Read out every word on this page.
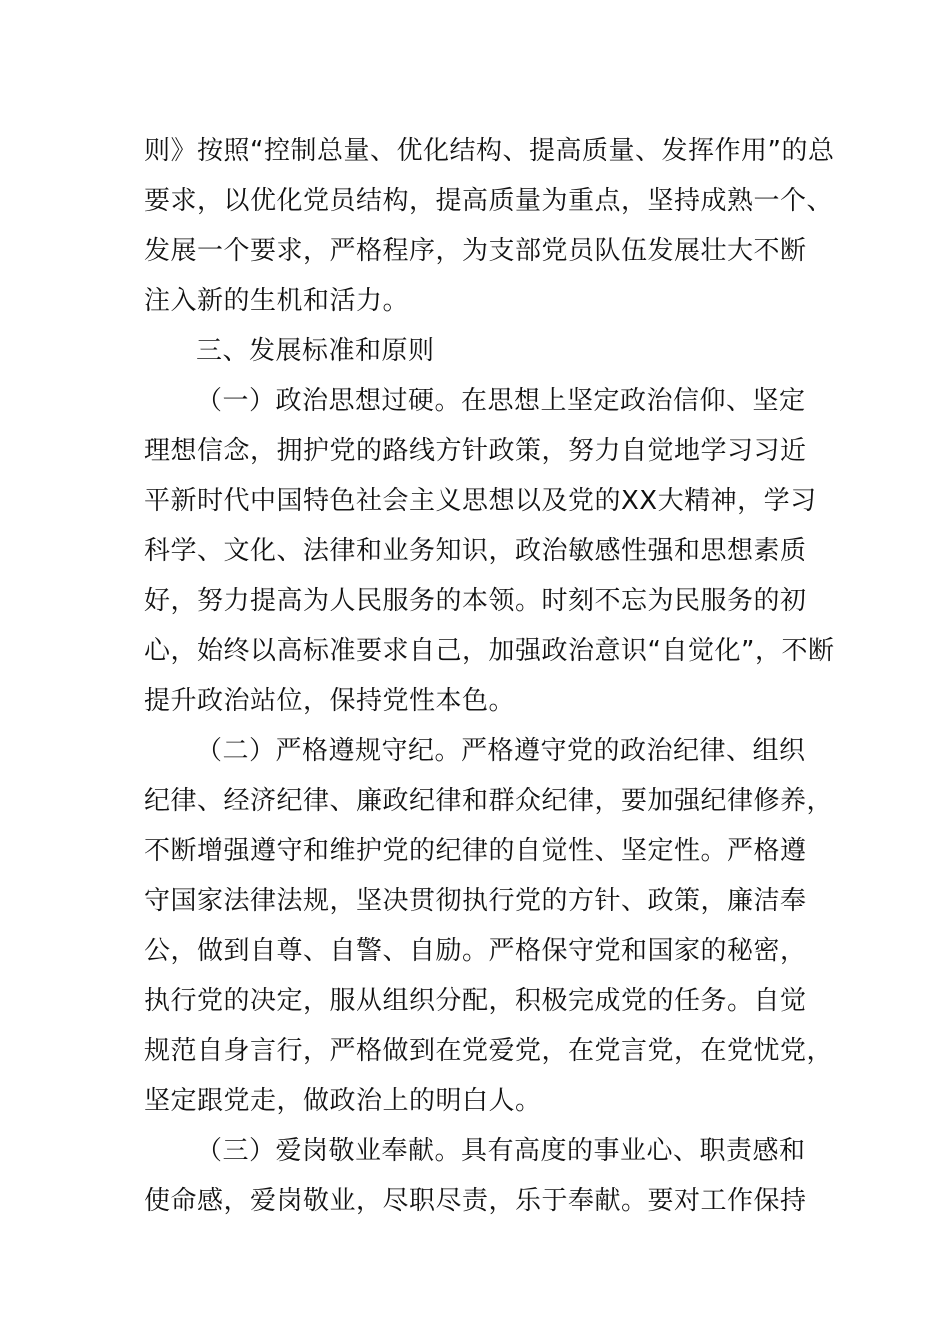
则》按照“控制总量、优化结构、提高质量、发挥作用”的总
要求，以优化党员结构，提高质量为重点，坚持成熟一个、
发展一个要求，严格程序，为支部党员队伍发展壮大不断
注入新的生机和活力。
三、发展标准和原则
（一）政治思想过硬。在思想上坚定政治信仰、坚定
理想信念，拥护党的路线方针政策，努力自觉地学习习近
平新时代中国特色社会主义思想以及党的XX大精神，学习
科学、文化、法律和业务知识，政治敏感性强和思想素质
好，努力提高为人民服务的本领。时刻不忘为民服务的初
心，始终以高标准要求自己，加强政治意识“自觉化”，不断
提升政治站位，保持党性本色。
（二）严格遵规守纪。严格遵守党的政治纪律、组织
纪律、经济纪律、廉政纪律和群众纪律，要加强纪律修养，
不断增强遵守和维护党的纪律的自觉性、坚定性。严格遵
守国家法律法规，坚决贯彻执行党的方针、政策，廉洁奉
公，做到自尊、自警、自励。严格保守党和国家的秘密，
执行党的决定，服从组织分配，积极完成党的任务。自觉
规范自身言行，严格做到在党爱党，在党言党，在党忧党，
坚定跟党走，做政治上的明白人。
（三）爱岗敬业奉献。具有高度的事业心、职责感和
使命感，爱岗敬业，尽职尽责，乐于奉献。要对工作保持
